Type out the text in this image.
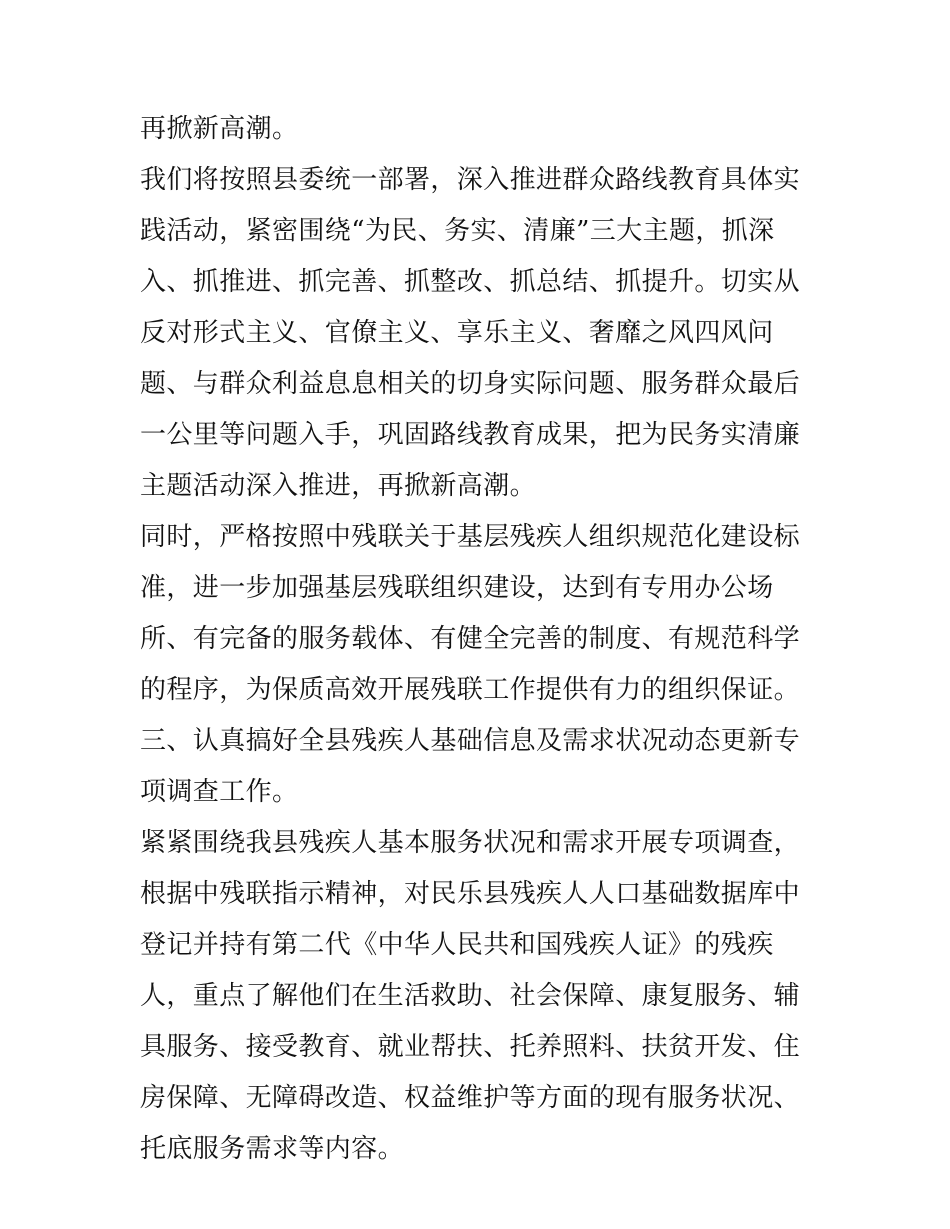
再掀新高潮。

我们将按照县委统一部署，深入推进群众路线教育具体实践活动，紧密围绕“为民、务实、清廉”三大主题，抓深入、抓推进、抓完善、抓整改、抓总结、抓提升。切实从反对形式主义、官僚主义、享乐主义、奢靡之风四风问题、与群众利益息息相关的切身实际问题、服务群众最后一公里等问题入手，巩固路线教育成果，把为民务实清廉主题活动深入推进，再掀新高潮。

同时，严格按照中残联关于基层残疾人组织规范化建设标准，进一步加强基层残联组织建设，达到有专用办公场所、有完备的服务载体、有健全完善的制度、有规范科学的程序，为保质高效开展残联工作提供有力的组织保证。

三、认真搞好全县残疾人基础信息及需求状况动态更新专项调查工作。

紧紧围绕我县残疾人基本服务状况和需求开展专项调查，根据中残联指示精神，对民乐县残疾人人口基础数据库中登记并持有第二代《中华人民共和国残疾人证》的残疾人，重点了解他们在生活救助、社会保障、康复服务、辅具服务、接受教育、就业帮扶、托养照料、扶贫开发、住房保障、无障碍改造、权益维护等方面的现有服务状况、托底服务需求等内容。
